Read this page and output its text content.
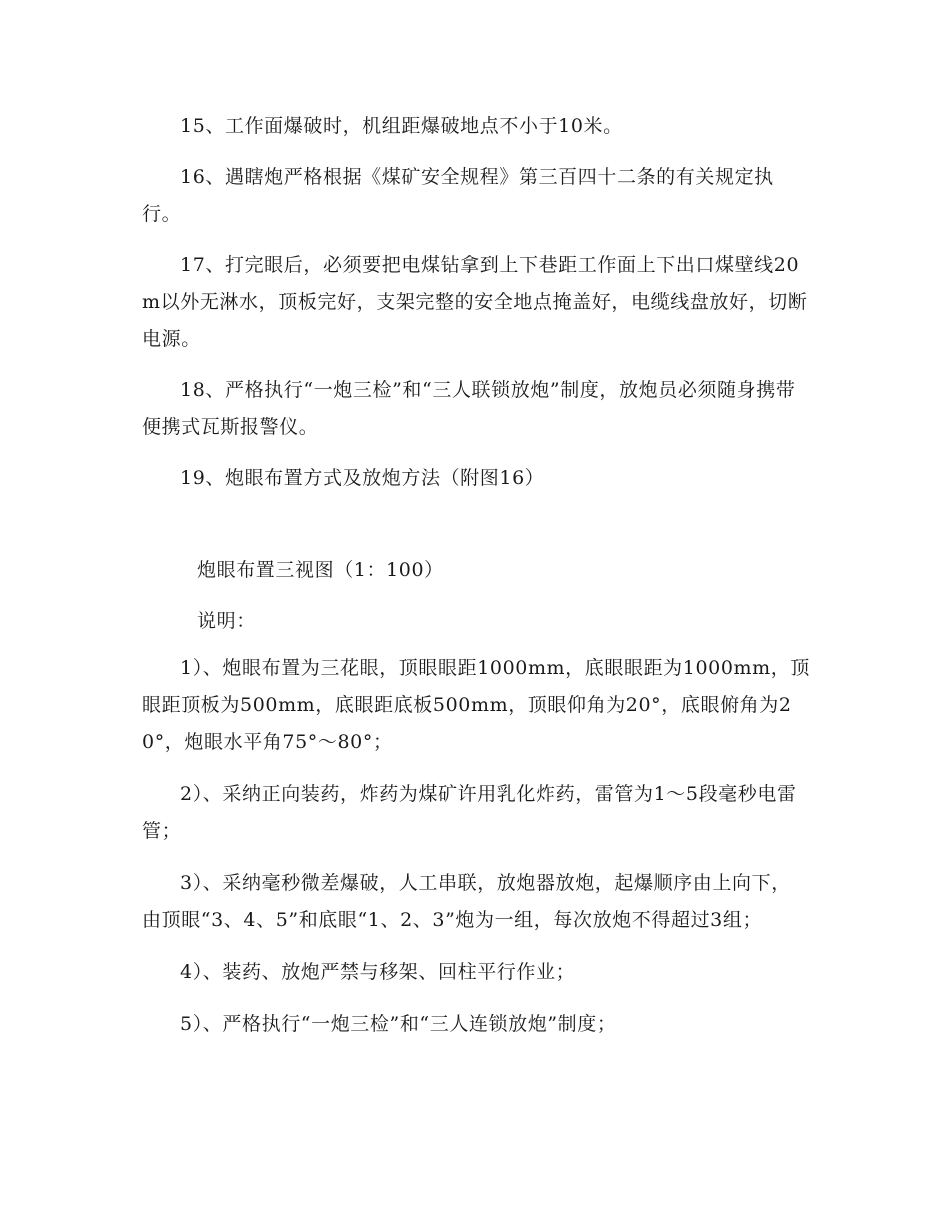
15、工作面爆破时，机组距爆破地点不小于10米。

16、遇瞎炮严格根据《煤矿安全规程》第三百四十二条的有关规定执行。

17、打完眼后，必须要把电煤钻拿到上下巷距工作面上下出口煤壁线20m以外无淋水，顶板完好，支架完整的安全地点掩盖好，电缆线盘放好，切断电源。

18、严格执行“一炮三检”和“三人联锁放炮”制度，放炮员必须随身携带便携式瓦斯报警仪。

19、炮眼布置方式及放炮方法（附图16）

炮眼布置三视图（1：100）

说明：

1）、炮眼布置为三花眼，顶眼眼距1000mm，底眼眼距为1000mm，顶眼距顶板为500mm，底眼距底板500mm，顶眼仰角为20°，底眼俯角为20°，炮眼水平角75°～80°；

2）、采纳正向装药，炸药为煤矿许用乳化炸药，雷管为1～5段毫秒电雷管；

3）、采纳毫秒微差爆破，人工串联，放炮器放炮，起爆顺序由上向下，由顶眼“3、4、5”和底眼“1、2、3”炮为一组，每次放炮不得超过3组；

4）、装药、放炮严禁与移架、回柱平行作业；

5）、严格执行“一炮三检”和“三人连锁放炮”制度；
